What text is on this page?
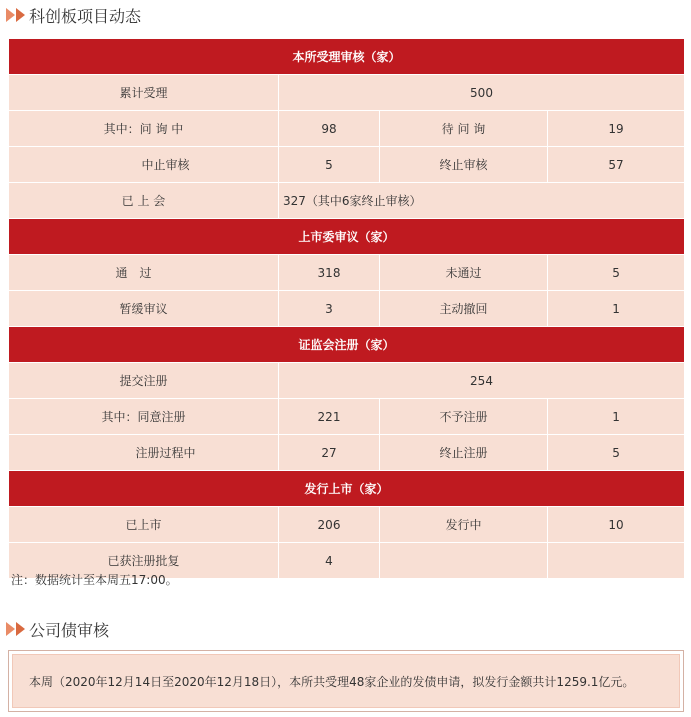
科创板项目动态
本所受理审核（家）			
累计受理	500		
其中：问 询 中	98	待 问 询	19
中止审核	5	终止审核	57
已 上 会	327（其中6家终止审核）		
上市委审议（家）			
通　过	318	未通过	5
暂缓审议	3	主动撤回	1
证监会注册（家）			
提交注册	254		
其中：同意注册	221	不予注册	1
注册过程中	27	终止注册	5
发行上市（家）			
已上市	206	发行中	10
已获注册批复	4		
注：数据统计至本周五17:00。
公司债审核
本周（2020年12月14日至2020年12月18日），本所共受理48家企业的发债申请，拟发行金额共计1259.1亿元。
